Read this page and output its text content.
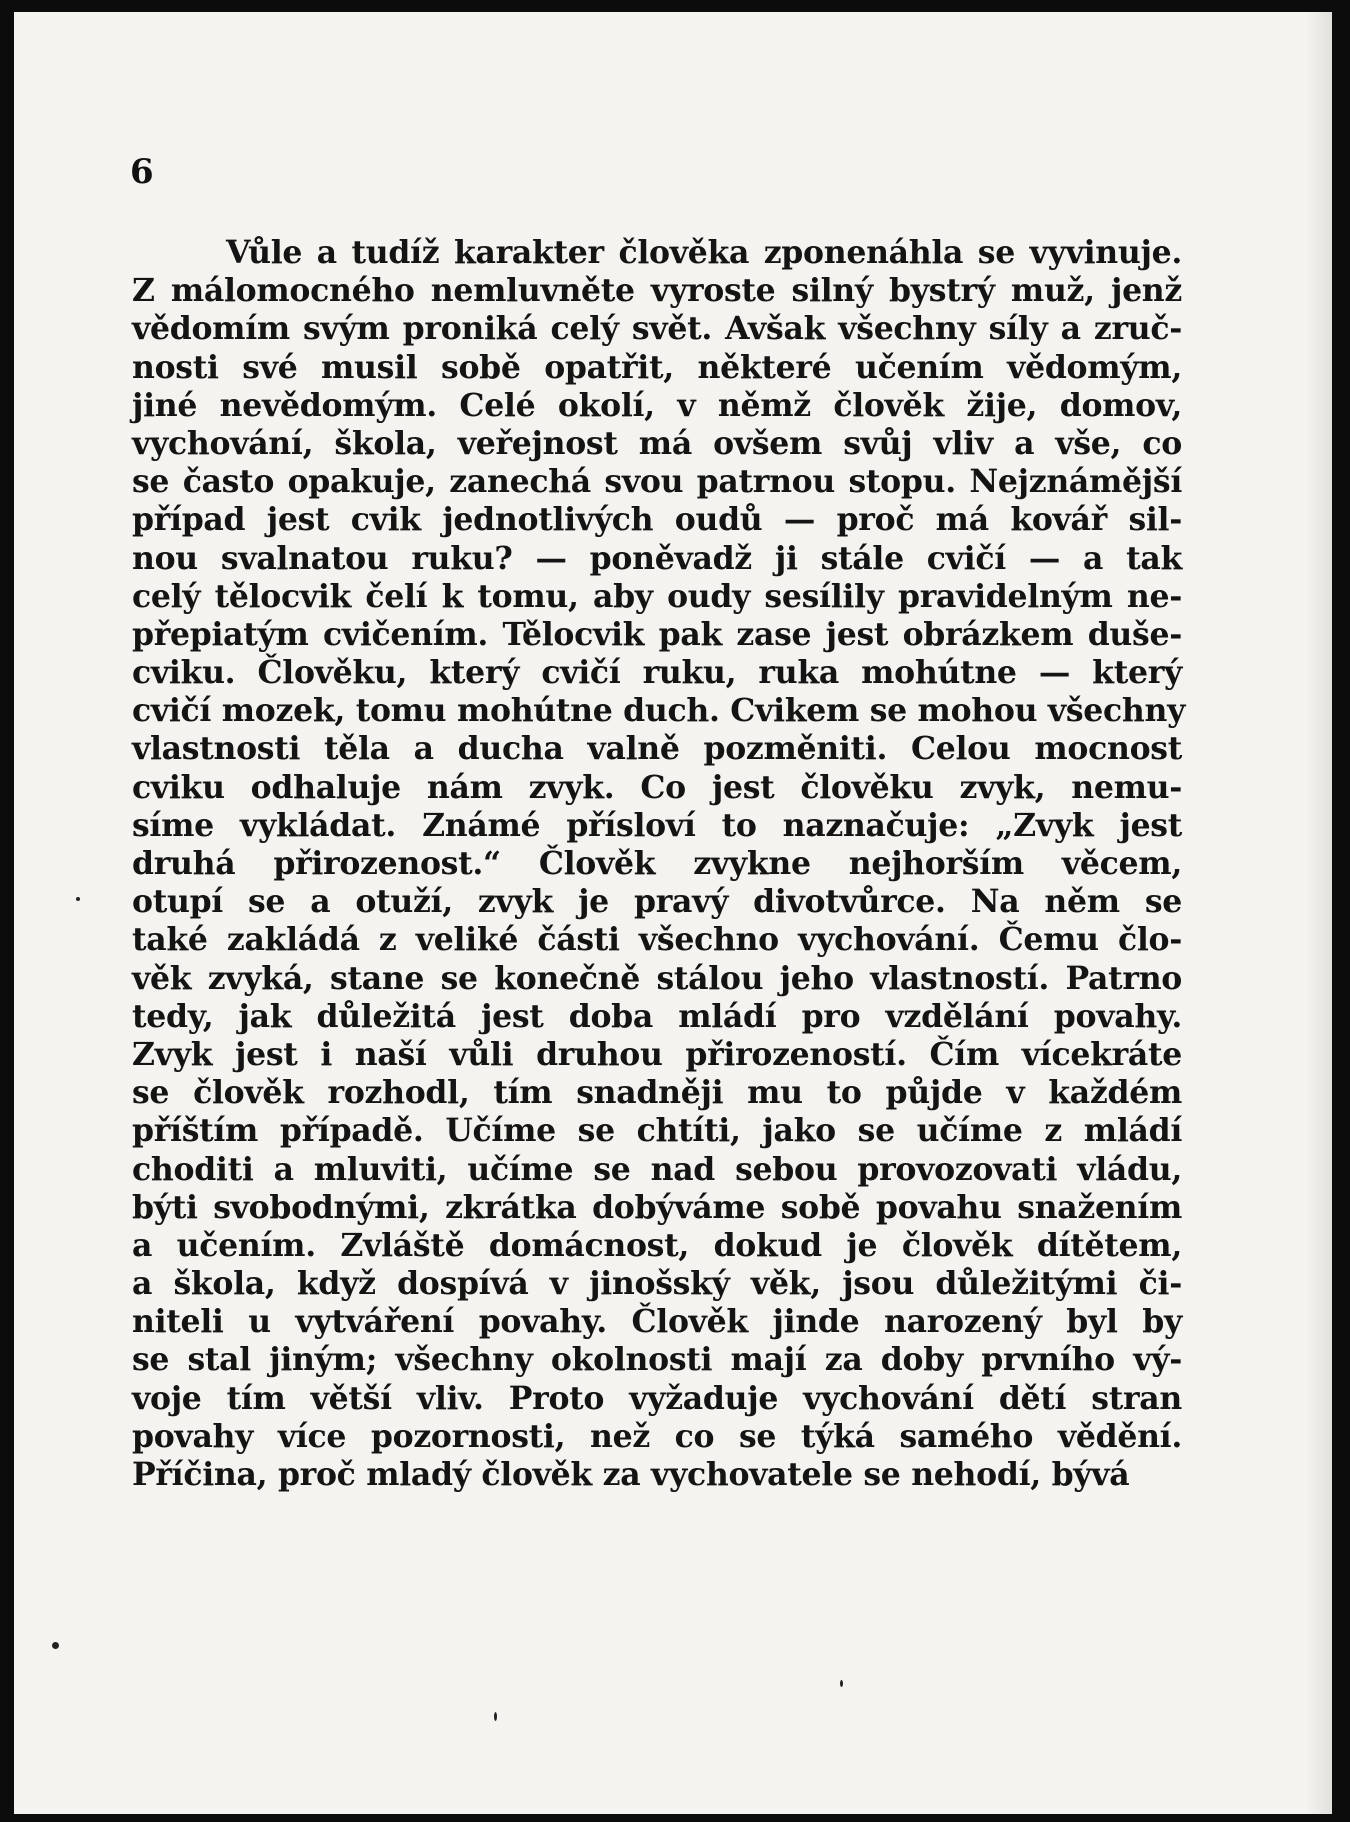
6
Vůle a tudíž karakter člověka zponenáhla se vyvinuje.
Z málomocného nemluvněte vyroste silný bystrý muž, jenž
vědomím svým proniká celý svět. Avšak všechny síly a zruč-
nosti své musil sobě opatřit, některé učením vědomým,
jiné nevědomým. Celé okolí, v němž člověk žije, domov,
vychování, škola, veřejnost má ovšem svůj vliv a vše, co
se často opakuje, zanechá svou patrnou stopu. Nejznámější
případ jest cvik jednotlivých oudů — proč má kovář sil-
nou svalnatou ruku? — poněvadž ji stále cvičí — a tak
celý tělocvik čelí k tomu, aby oudy sesílily pravidelným ne-
přepiatým cvičením. Tělocvik pak zase jest obrázkem duše-
cviku. Člověku, který cvičí ruku, ruka mohútne — který
cvičí mozek, tomu mohútne duch. Cvikem se mohou všechny
vlastnosti těla a ducha valně pozměniti. Celou mocnost
cviku odhaluje nám zvyk. Co jest člověku zvyk, nemu-
síme vykládat. Známé přísloví to naznačuje: „Zvyk jest
druhá přirozenost.“ Člověk zvykne nejhorším věcem,
otupí se a otuží, zvyk je pravý divotvůrce. Na něm se
také zakládá z veliké části všechno vychování. Čemu člo-
věk zvyká, stane se konečně stálou jeho vlastností. Patrno
tedy, jak důležitá jest doba mládí pro vzdělání povahy.
Zvyk jest i naší vůli druhou přirozeností. Čím vícekráte
se člověk rozhodl, tím snadněji mu to půjde v každém
příštím případě. Učíme se chtíti, jako se učíme z mládí
choditi a mluviti, učíme se nad sebou provozovati vládu,
býti svobodnými, zkrátka dobýváme sobě povahu snažením
a učením. Zvláště domácnost, dokud je člověk dítětem,
a škola, když dospívá v jinošský věk, jsou důležitými či-
niteli u vytváření povahy. Člověk jinde narozený byl by
se stal jiným; všechny okolnosti mají za doby prvního vý-
voje tím větší vliv. Proto vyžaduje vychování dětí stran
povahy více pozornosti, než co se týká samého vědění.
Příčina, proč mladý člověk za vychovatele se nehodí, bývá
